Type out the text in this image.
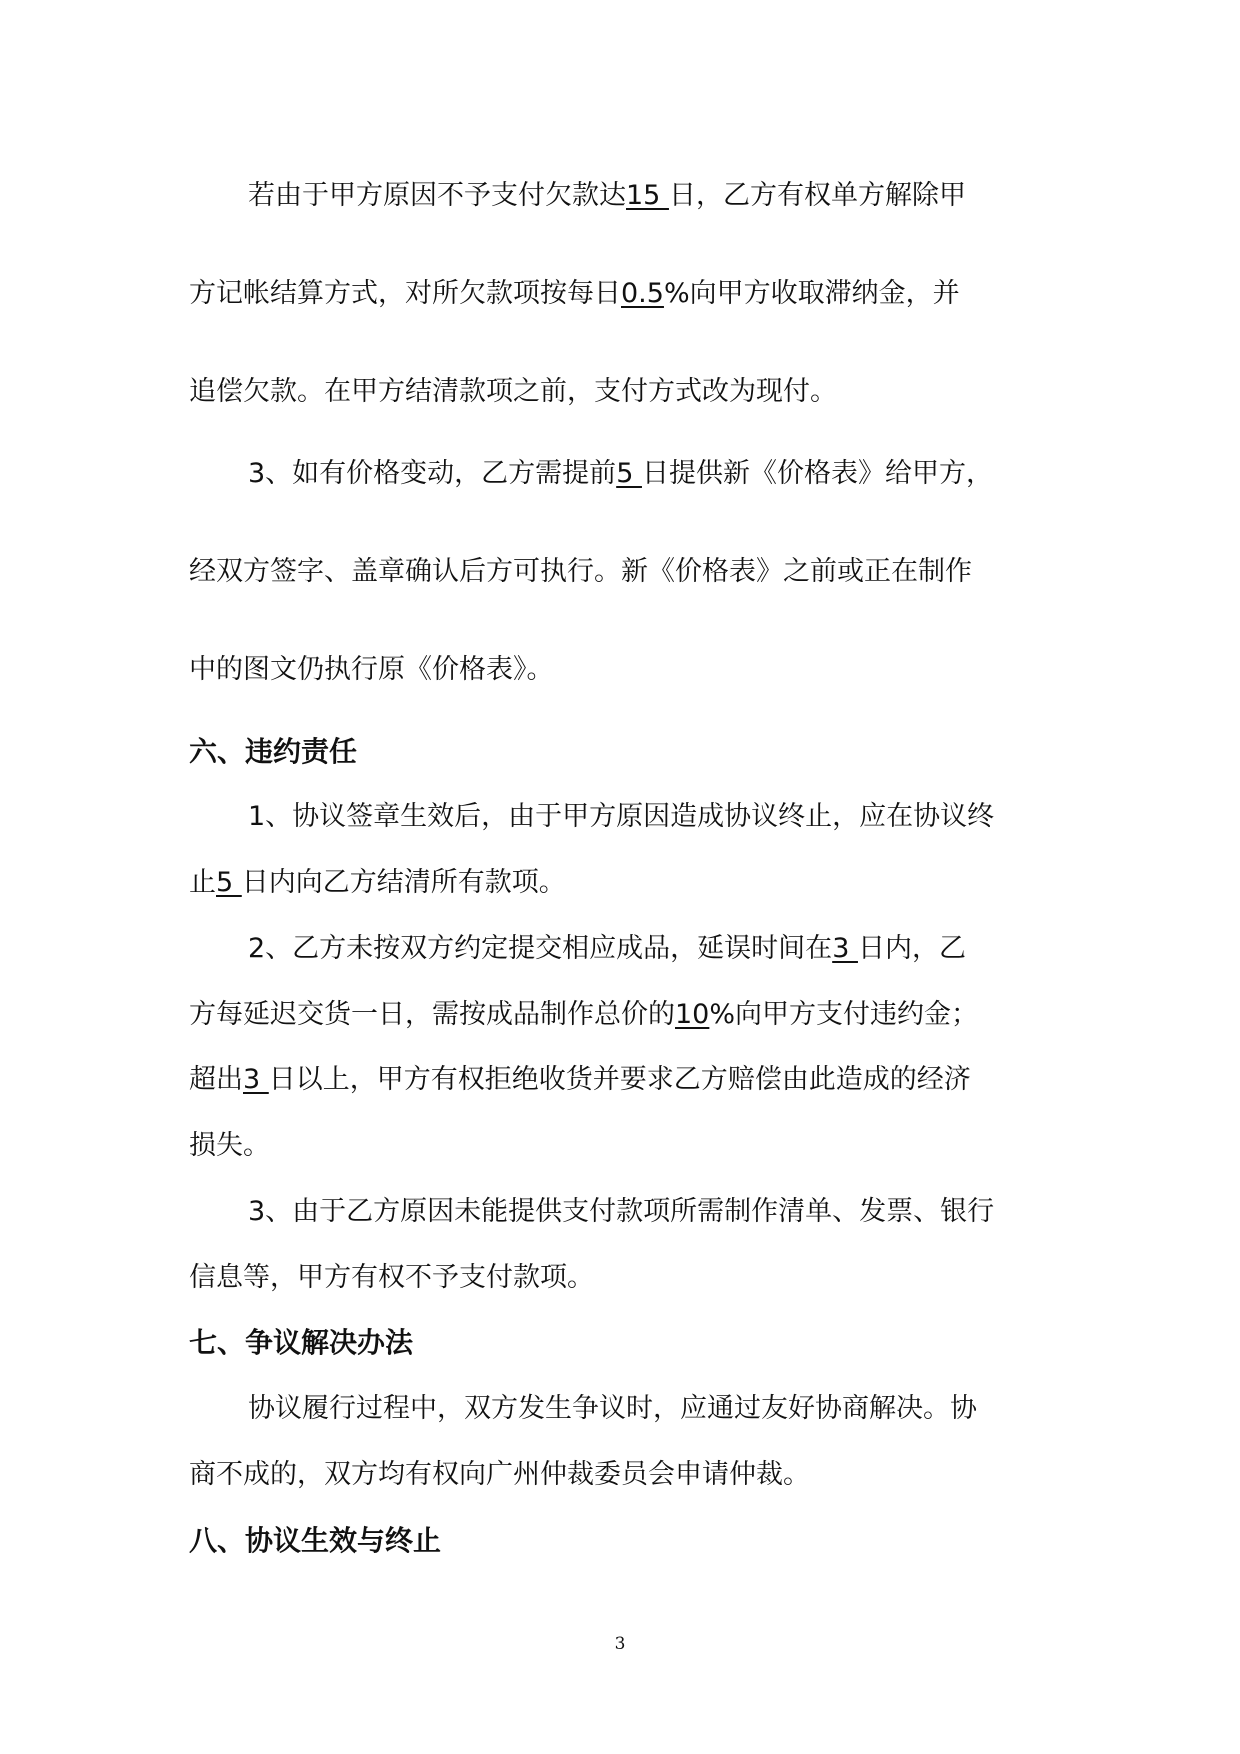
若由于甲方原因不予支付欠款达15 日，乙方有权单方解除甲
方记帐结算方式，对所欠款项按每日0.5%向甲方收取滞纳金，并
追偿欠款。在甲方结清款项之前，支付方式改为现付。
3、如有价格变动，乙方需提前5 日提供新《价格表》给甲方，
经双方签字、盖章确认后方可执行。新《价格表》之前或正在制作
中的图文仍执行原《价格表》。
六、违约责任
1、协议签章生效后，由于甲方原因造成协议终止，应在协议终
止5 日内向乙方结清所有款项。
2、乙方未按双方约定提交相应成品，延误时间在3 日内，乙
方每延迟交货一日，需按成品制作总价的10%向甲方支付违约金；
超出3 日以上，甲方有权拒绝收货并要求乙方赔偿由此造成的经济
损失。
3、由于乙方原因未能提供支付款项所需制作清单、发票、银行
信息等，甲方有权不予支付款项。
七、争议解决办法
协议履行过程中，双方发生争议时，应通过友好协商解决。协
商不成的，双方均有权向广州仲裁委员会申请仲裁。
八、协议生效与终止
3
